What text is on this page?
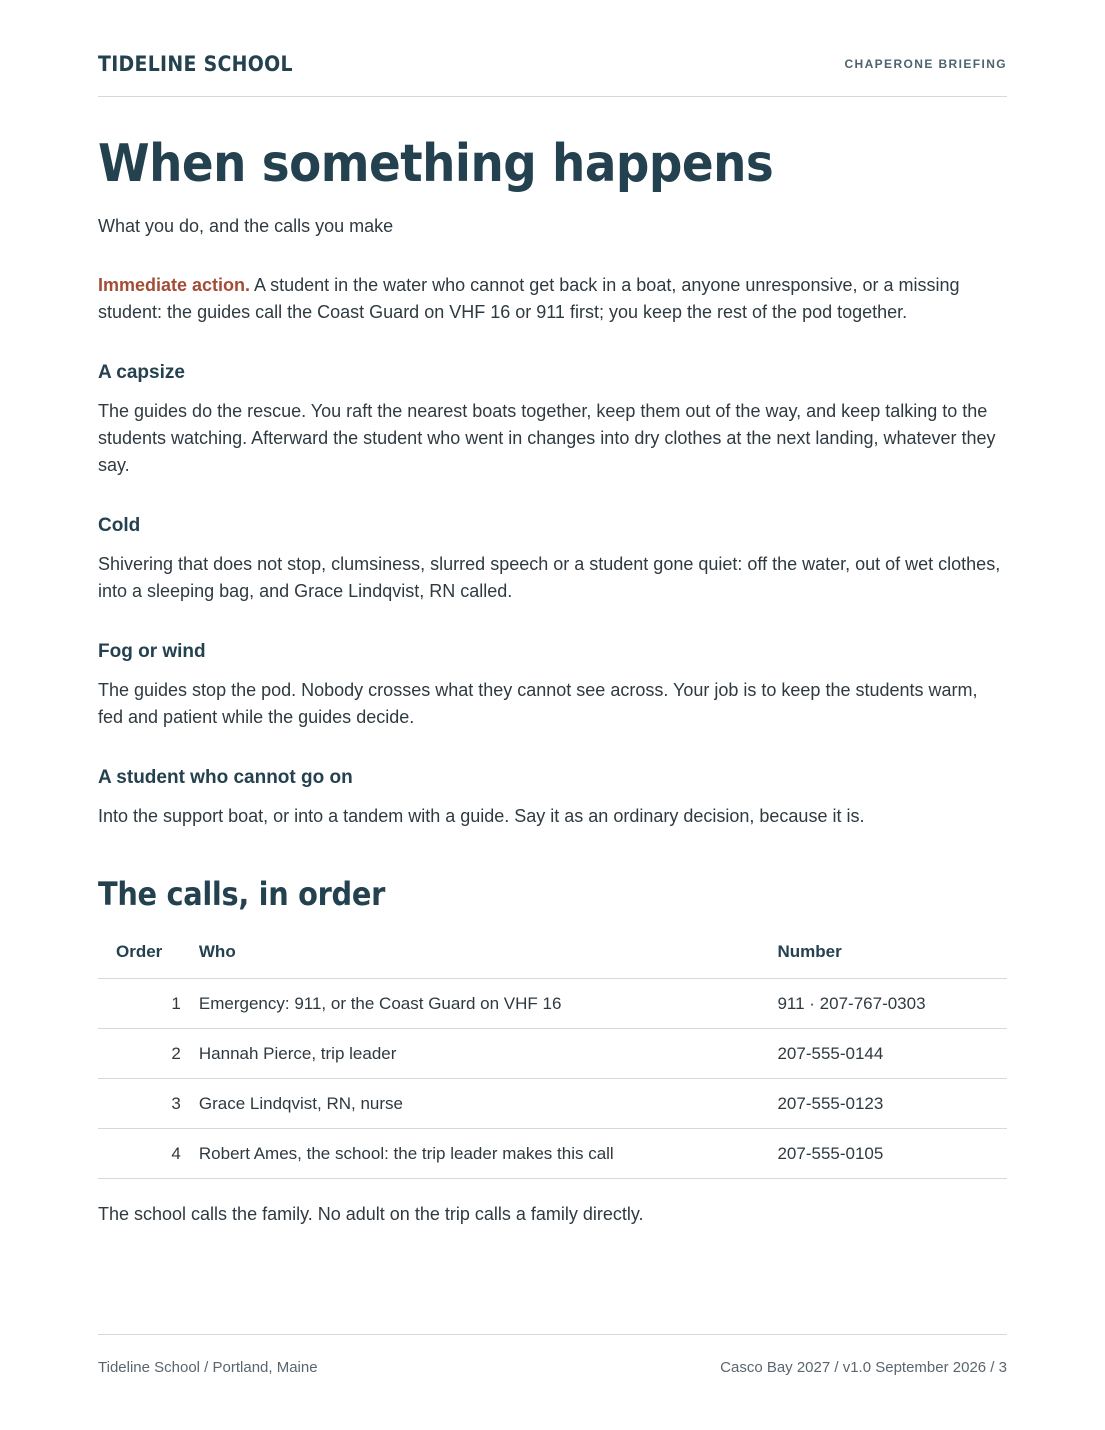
TIDELINE SCHOOL	CHAPERONE BRIEFING
When something happens
What you do, and the calls you make
Immediate action. A student in the water who cannot get back in a boat, anyone unresponsive, or a missing student: the guides call the Coast Guard on VHF 16 or 911 first; you keep the rest of the pod together.
A capsize
The guides do the rescue. You raft the nearest boats together, keep them out of the way, and keep talking to the students watching. Afterward the student who went in changes into dry clothes at the next landing, whatever they say.
Cold
Shivering that does not stop, clumsiness, slurred speech or a student gone quiet: off the water, out of wet clothes, into a sleeping bag, and Grace Lindqvist, RN called.
Fog or wind
The guides stop the pod. Nobody crosses what they cannot see across. Your job is to keep the students warm, fed and patient while the guides decide.
A student who cannot go on
Into the support boat, or into a tandem with a guide. Say it as an ordinary decision, because it is.
The calls, in order
Order	Who	Number
1	Emergency: 911, or the Coast Guard on VHF 16	911 · 207-767-0303
2	Hannah Pierce, trip leader	207-555-0144
3	Grace Lindqvist, RN, nurse	207-555-0123
4	Robert Ames, the school: the trip leader makes this call	207-555-0105
The school calls the family. No adult on the trip calls a family directly.
Tideline School / Portland, Maine	Casco Bay 2027 / v1.0 September 2026 / 3
